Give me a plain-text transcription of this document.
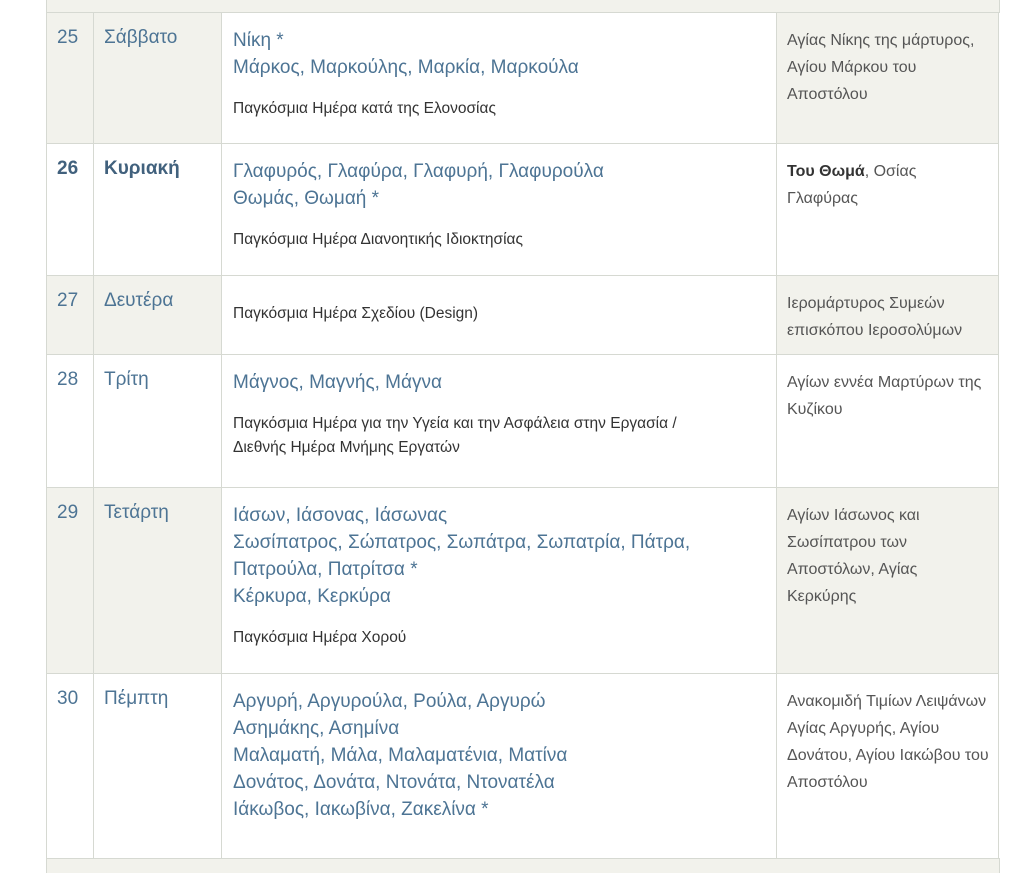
25	Σάββατο	Νίκη *
Μάρκος, Μαρκούλης, Μαρκία, Μαρκούλα
Παγκόσμια Ημέρα κατά της Ελονοσίας	Αγίας Νίκης της μάρτυρος, Αγίου Μάρκου του Αποστόλου

26	Κυριακή	Γλαφυρός, Γλαφύρα, Γλαφυρή, Γλαφυρούλα
Θωμάς, Θωμαή *
Παγκόσμια Ημέρα Διανοητικής Ιδιοκτησίας	Του Θωμά, Οσίας Γλαφύρας

27	Δευτέρα	Παγκόσμια Ημέρα Σχεδίου (Design)	Ιερομάρτυρος Συμεών επισκόπου Ιεροσολύμων

28	Τρίτη	Μάγνος, Μαγνής, Μάγνα
Παγκόσμια Ημέρα για την Υγεία και την Ασφάλεια στην Εργασία /
Διεθνής Ημέρα Μνήμης Εργατών	Αγίων εννέα Μαρτύρων της Κυζίκου

29	Τετάρτη	Ιάσων, Ιάσονας, Ιάσωνας
Σωσίπατρος, Σώπατρος, Σωπάτρα, Σωπατρία, Πάτρα,
Πατρούλα, Πατρίτσα *
Κέρκυρα, Κερκύρα
Παγκόσμια Ημέρα Χορού	Αγίων Ιάσωνος και Σωσίπατρου των Αποστόλων, Αγίας Κερκύρης

30	Πέμπτη	Αργυρή, Αργυρούλα, Ρούλα, Αργυρώ
Ασημάκης, Ασημίνα
Μαλαματή, Μάλα, Μαλαματένια, Ματίνα
Δονάτος, Δονάτα, Ντονάτα, Ντονατέλα
Ιάκωβος, Ιακωβίνα, Ζακελίνα *	Ανακομιδή Τιμίων Λειψάνων Αγίας Αργυρής, Αγίου Δονάτου, Αγίου Ιακώβου του Αποστόλου
